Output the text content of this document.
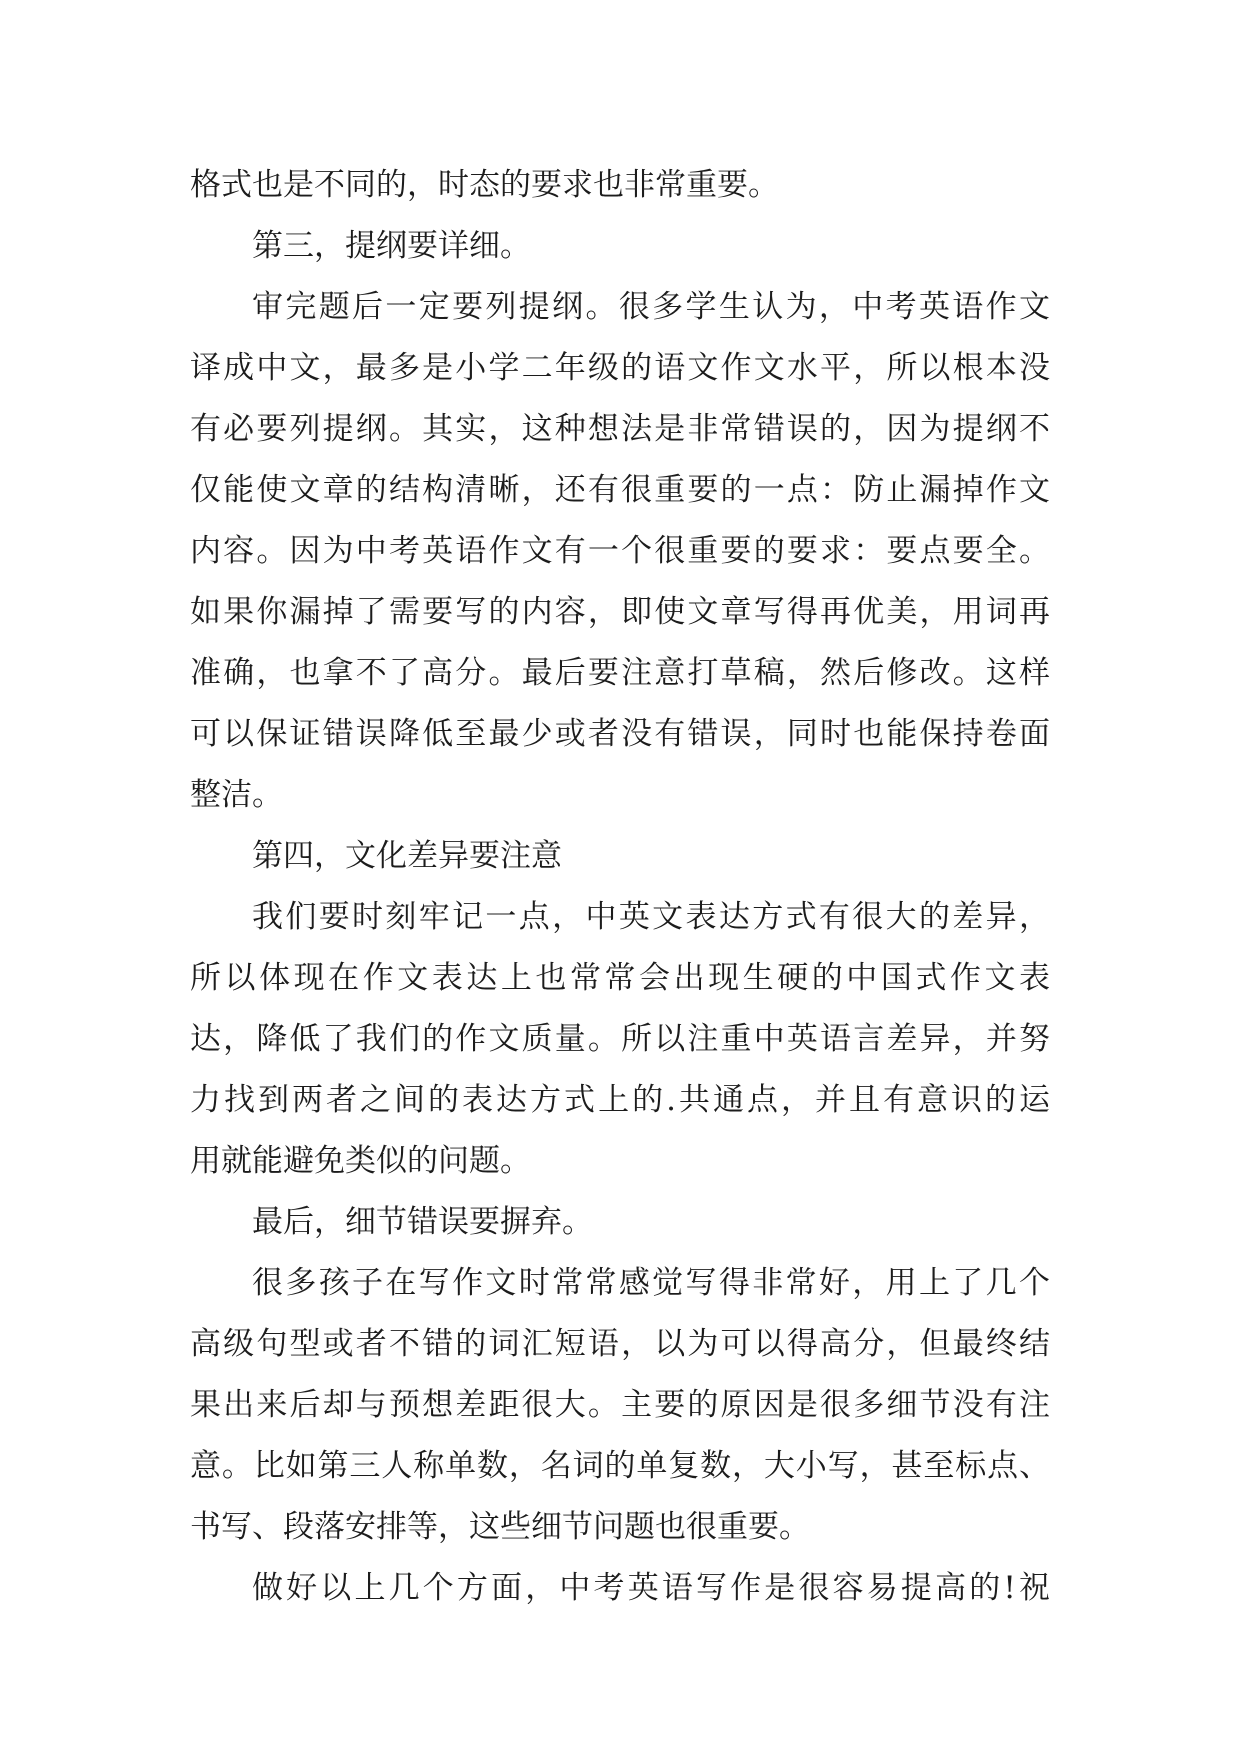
格式也是不同的，时态的要求也非常重要。
第三，提纲要详细。
审完题后一定要列提纲。很多学生认为，中考英语作文
译成中文，最多是小学二年级的语文作文水平，所以根本没
有必要列提纲。其实，这种想法是非常错误的，因为提纲不
仅能使文章的结构清晰，还有很重要的一点：防止漏掉作文
内容。因为中考英语作文有一个很重要的要求：要点要全。
如果你漏掉了需要写的内容，即使文章写得再优美，用词再
准确，也拿不了高分。最后要注意打草稿，然后修改。这样
可以保证错误降低至最少或者没有错误，同时也能保持卷面
整洁。
第四，文化差异要注意
我们要时刻牢记一点，中英文表达方式有很大的差异，
所以体现在作文表达上也常常会出现生硬的中国式作文表
达，降低了我们的作文质量。所以注重中英语言差异，并努
力找到两者之间的表达方式上的.共通点，并且有意识的运
用就能避免类似的问题。
最后，细节错误要摒弃。
很多孩子在写作文时常常感觉写得非常好，用上了几个
高级句型或者不错的词汇短语，以为可以得高分，但最终结
果出来后却与预想差距很大。主要的原因是很多细节没有注
意。比如第三人称单数，名词的单复数，大小写，甚至标点、
书写、段落安排等，这些细节问题也很重要。
做好以上几个方面，中考英语写作是很容易提高的!祝
